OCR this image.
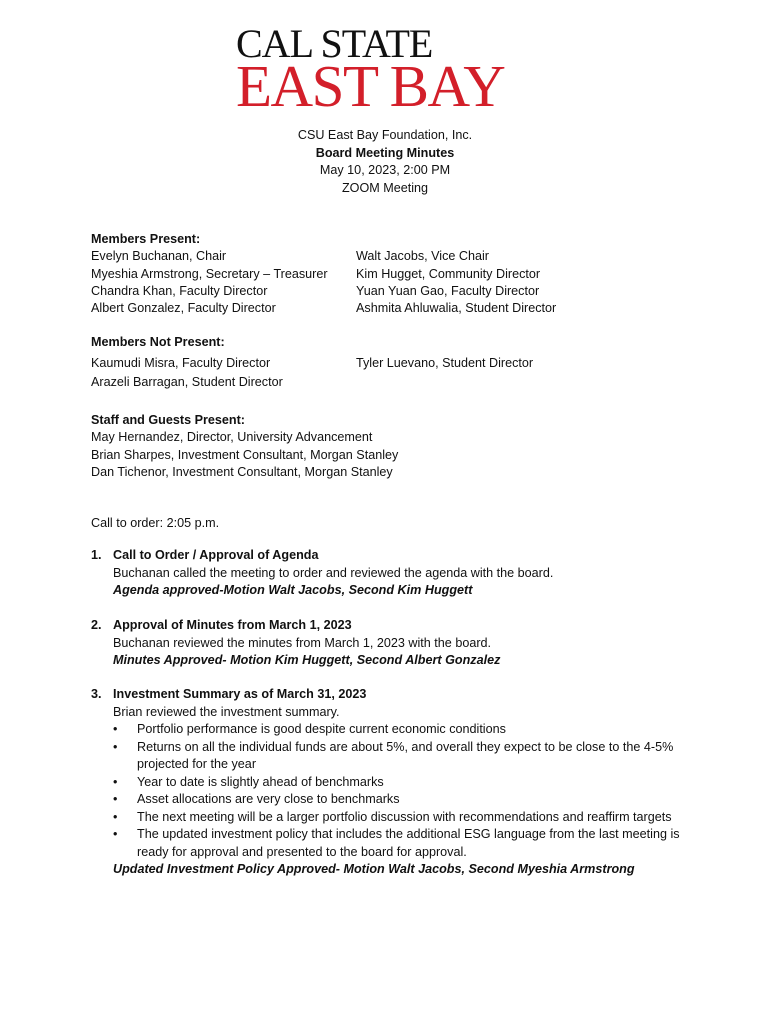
CAL STATE
EAST BAY
CSU East Bay Foundation, Inc.
Board Meeting Minutes
May 10, 2023, 2:00 PM
ZOOM Meeting
Members Present:
Evelyn Buchanan, Chair
Myeshia Armstrong, Secretary – Treasurer
Chandra Khan, Faculty Director
Albert Gonzalez, Faculty Director
Walt Jacobs, Vice Chair
Kim Hugget, Community Director
Yuan Yuan Gao, Faculty Director
Ashmita Ahluwalia, Student Director
Members Not Present:
Kaumudi Misra, Faculty Director
Arazeli Barragan, Student Director
Tyler Luevano, Student Director
Staff and Guests Present:
May Hernandez, Director, University Advancement
Brian Sharpes, Investment Consultant, Morgan Stanley
Dan Tichenor, Investment Consultant, Morgan Stanley
Call to order: 2:05 p.m.
1. Call to Order / Approval of Agenda
Buchanan called the meeting to order and reviewed the agenda with the board.
Agenda approved-Motion Walt Jacobs, Second Kim Huggett
2. Approval of Minutes from March 1, 2023
Buchanan reviewed the minutes from March 1, 2023 with the board.
Minutes Approved- Motion Kim Huggett, Second Albert Gonzalez
3. Investment Summary as of March 31, 2023
Brian reviewed the investment summary.
• Portfolio performance is good despite current economic conditions
• Returns on all the individual funds are about 5%, and overall they expect to be close to the 4-5% projected for the year
• Year to date is slightly ahead of benchmarks
• Asset allocations are very close to benchmarks
• The next meeting will be a larger portfolio discussion with recommendations and reaffirm targets
• The updated investment policy that includes the additional ESG language from the last meeting is ready for approval and presented to the board for approval.
Updated Investment Policy Approved- Motion Walt Jacobs, Second Myeshia Armstrong
